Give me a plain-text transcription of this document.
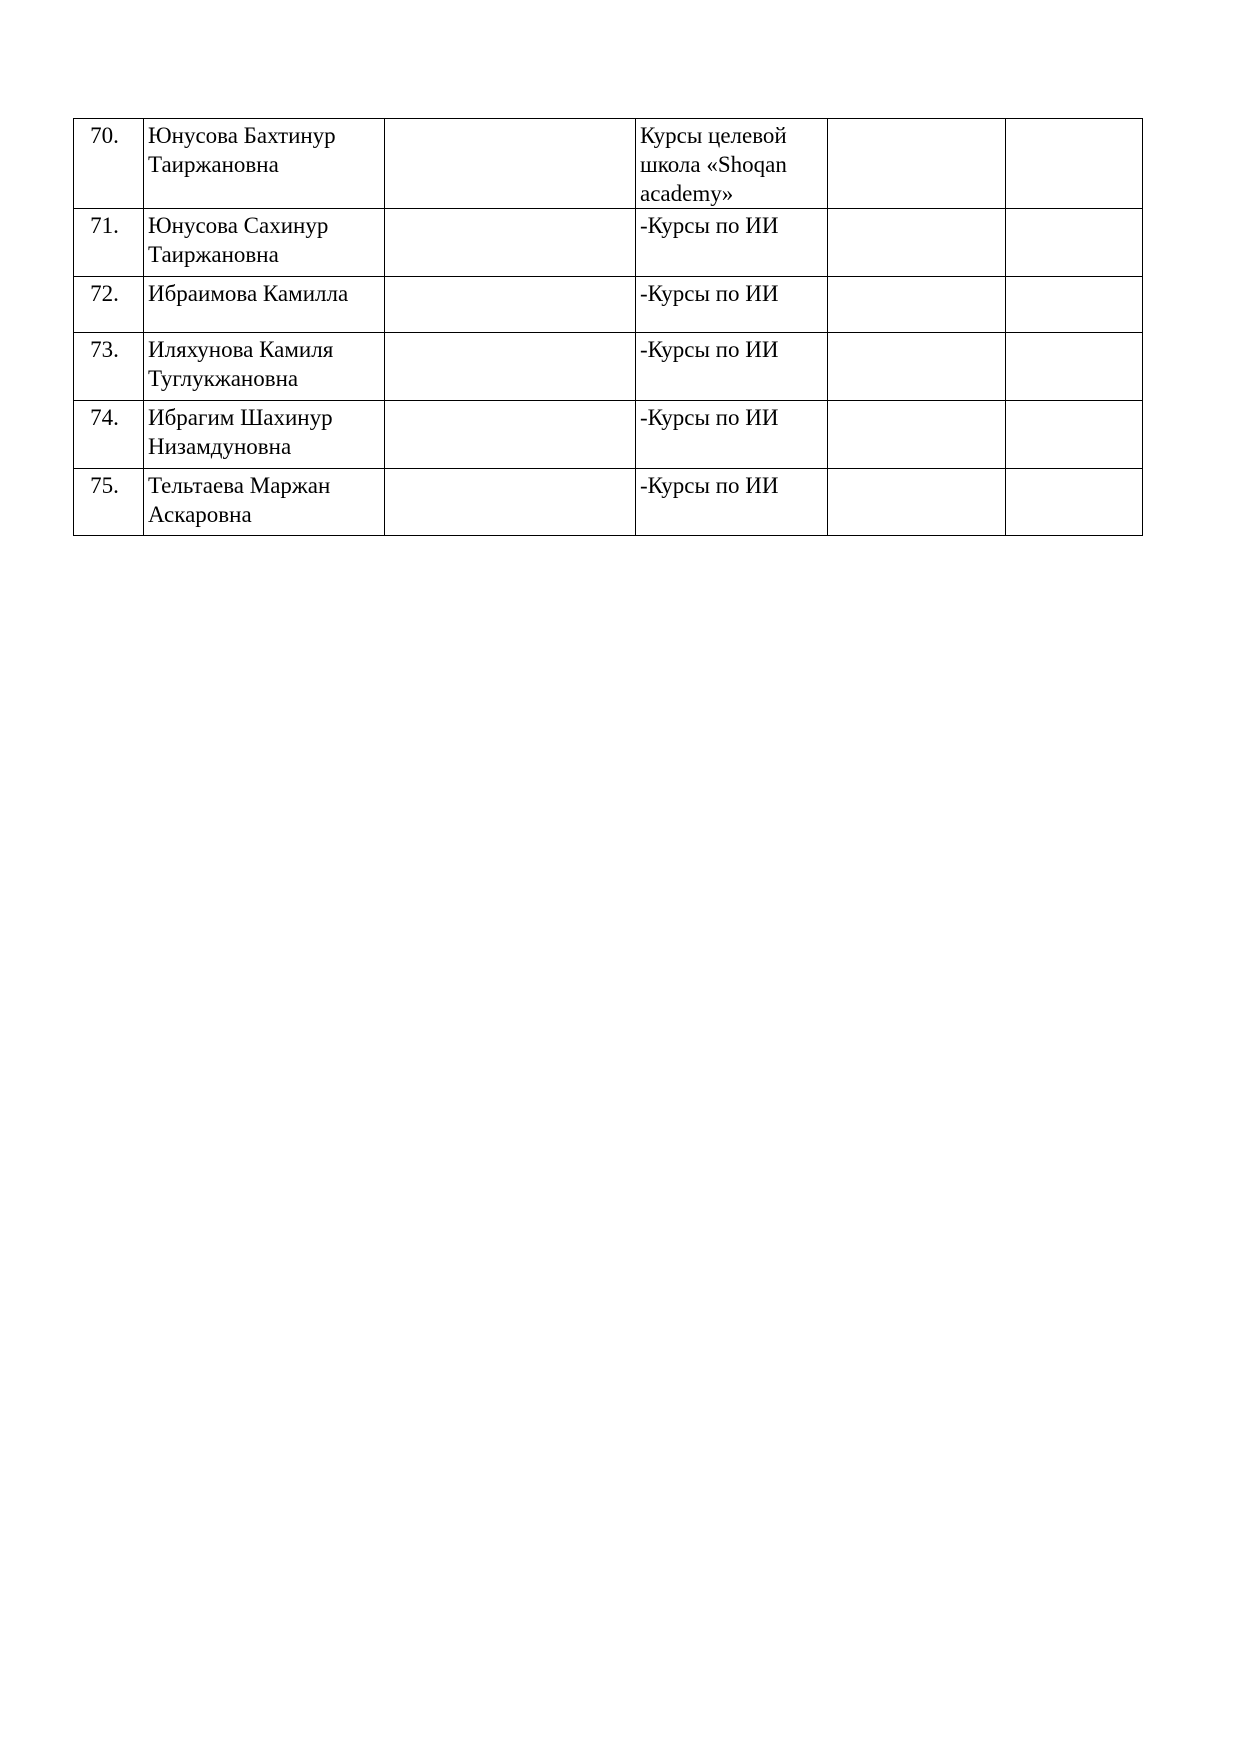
70.	Юнусова Бахтинур Таиржановна		Курсы целевой школа «Shoqan academy»		
71.	Юнусова Сахинур Таиржановна		-Курсы по ИИ		
72.	Ибраимова Камилла		-Курсы по ИИ		
73.	Иляхунова Камиля Туглукжановна		-Курсы по ИИ		
74.	Ибрагим Шахинур Низамдуновна		-Курсы по ИИ		
75.	Тельтаева Маржан Аскаровна		-Курсы по ИИ		
